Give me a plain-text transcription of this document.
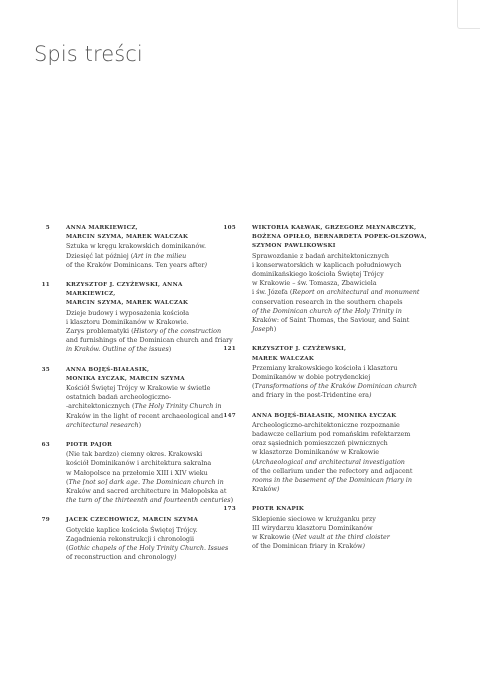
Spis treści
5	ANNA MARKIEWICZ,
MARCIN SZYMA, MAREK WALCZAK
Sztuka w kręgu krakowskich dominikanów.
Dziesięć lat później (Art in the milieu
of the Kraków Dominicans. Ten years after)
11	KRZYSZTOF J. CZYŻEWSKI, ANNA MARKIEWICZ,
MARCIN SZYMA, MAREK WALCZAK
Dzieje budowy i wyposażenia kościoła
i klasztoru Dominikanów w Krakowie.
Zarys problematyki (History of the construction
and furnishings of the Dominican church and friary
in Kraków. Outline of the issues)
35	ANNA BOJĘŚ-BIAŁASIK,
MONIKA ŁYCZAK, MARCIN SZYMA
Kościół Świętej Trójcy w Krakowie w świetle
ostatnich badań archeologiczno-
-architektonicznych (The Holy Trinity Church in
Kraków in the light of recent archaeological and
architectural research)
63	PIOTR PAJOR
(Nie tak bardzo) ciemny okres. Krakowski
kościół Dominikanów i architektura sakralna
w Małopolsce na przełomie XIII i XIV wieku
(The [not so] dark age. The Dominican church in
Kraków and sacred architecture in Małopolska at
the turn of the thirteenth and fourteenth centuries)
79	JACEK CZECHOWICZ, MARCIN SZYMA
Gotyckie kaplice kościoła Świętej Trójcy.
Zagadnienia rekonstrukcji i chronologii
(Gothic chapels of the Holy Trinity Church. Issues
of reconstruction and chronology)
105	WIKTORIA KAŁWAK, GRZEGORZ MŁYNARCZYK,
BOŻENA OPIŁŁO, BERNARDETA POPEK-OLSZOWA,
SZYMON PAWLIKOWSKI
Sprawozdanie z badań architektonicznych
i konserwatorskich w kaplicach południowych
dominikańskiego kościoła Świętej Trójcy
w Krakowie – św. Tomasza, Zbawiciela
i św. Józefa (Report on architectural and monument
conservation research in the southern chapels
of the Dominican church of the Holy Trinity in
Kraków: of Saint Thomas, the Saviour, and Saint
Joseph)
121	KRZYSZTOF J. CZYŻEWSKI,
MAREK WALCZAK
Przemiany krakowskiego kościoła i klasztoru
Dominikanów w dobie potrydenckiej
(Transformations of the Kraków Dominican church
and friary in the post-Tridentine era)
147	ANNA BOJĘŚ-BIAŁASIK, MONIKA ŁYCZAK
Archeologiczno-architektoniczne rozpoznanie
badawcze cellarium pod romańskim refektarzem
oraz sąsiednich pomieszczeń piwnicznych
w klasztorze Dominikanów w Krakowie
(Archaeological and architectural investigation
of the cellarium under the refectory and adjacent
rooms in the basement of the Dominican friary in
Kraków)
173	PIOTR KNAPIK
Sklepienie sieciowe w krużganku przy
III wirydarzu klasztoru Dominikanów
w Krakowie (Net vault at the third cloister
of the Dominican friary in Kraków)
